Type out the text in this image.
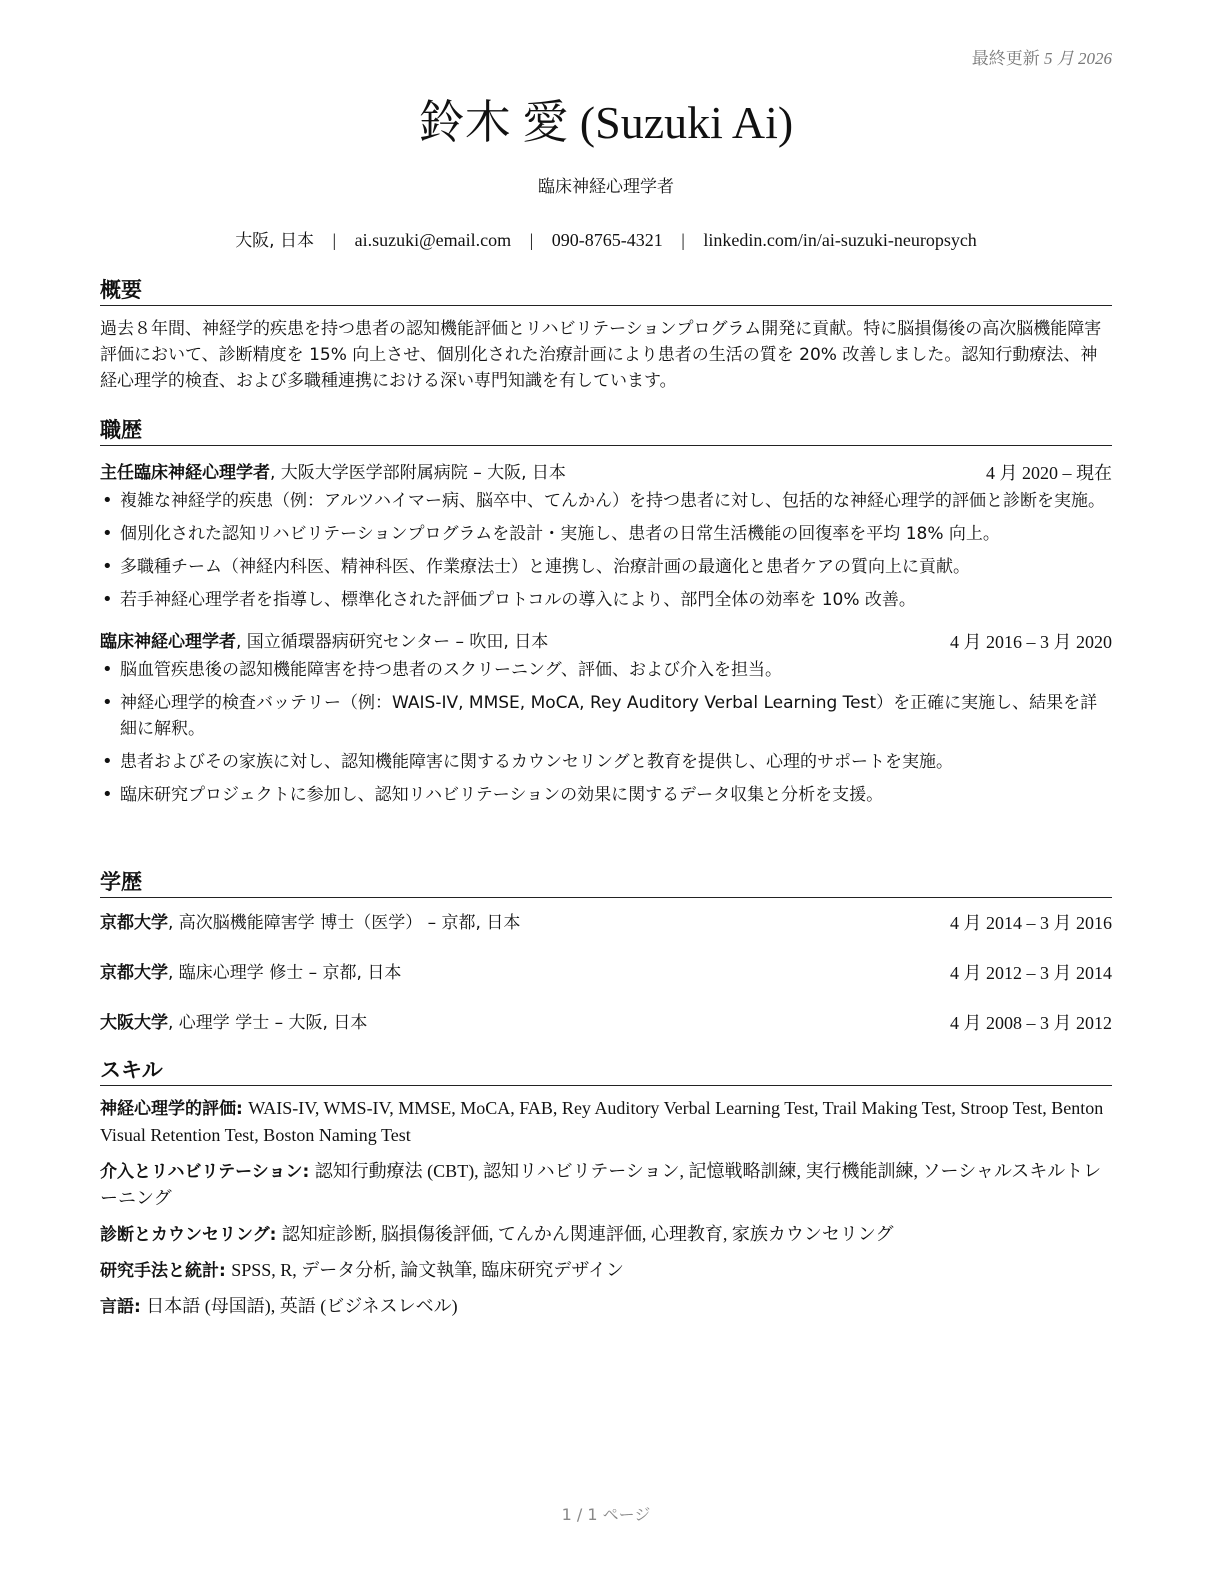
最終更新 5 月 2026
鈴木 愛 (Suzuki Ai)
臨床神経心理学者
大阪, 日本 | ai.suzuki@email.com | 090-8765-4321 | linkedin.com/in/ai-suzuki-neuropsych
概要
過去８年間、神経学的疾患を持つ患者の認知機能評価とリハビリテーションプログラム開発に貢献。特に脳損傷後の高次脳機能障害評価において、診断精度を 15% 向上させ、個別化された治療計画により患者の生活の質を 20% 改善しました。認知行動療法、神経心理学的検査、および多職種連携における深い専門知識を有しています。
職歴
主任臨床神経心理学者, 大阪大学医学部附属病院 – 大阪, 日本	4 月 2020 – 現在
• 複雑な神経学的疾患（例：アルツハイマー病、脳卒中、てんかん）を持つ患者に対し、包括的な神経心理学的評価と診断を実施。
• 個別化された認知リハビリテーションプログラムを設計・実施し、患者の日常生活機能の回復率を平均 18% 向上。
• 多職種チーム（神経内科医、精神科医、作業療法士）と連携し、治療計画の最適化と患者ケアの質向上に貢献。
• 若手神経心理学者を指導し、標準化された評価プロトコルの導入により、部門全体の効率を 10% 改善。
臨床神経心理学者, 国立循環器病研究センター – 吹田, 日本	4 月 2016 – 3 月 2020
• 脳血管疾患後の認知機能障害を持つ患者のスクリーニング、評価、および介入を担当。
• 神経心理学的検査バッテリー（例：WAIS-IV, MMSE, MoCA, Rey Auditory Verbal Learning Test）を正確に実施し、結果を詳細に解釈。
• 患者およびその家族に対し、認知機能障害に関するカウンセリングと教育を提供し、心理的サポートを実施。
• 臨床研究プロジェクトに参加し、認知リハビリテーションの効果に関するデータ収集と分析を支援。
学歴
京都大学, 高次脳機能障害学 博士（医学） – 京都, 日本	4 月 2014 – 3 月 2016
京都大学, 臨床心理学 修士 – 京都, 日本	4 月 2012 – 3 月 2014
大阪大学, 心理学 学士 – 大阪, 日本	4 月 2008 – 3 月 2012
スキル
神経心理学的評価: WAIS-IV, WMS-IV, MMSE, MoCA, FAB, Rey Auditory Verbal Learning Test, Trail Making Test, Stroop Test, Benton Visual Retention Test, Boston Naming Test
介入とリハビリテーション: 認知行動療法 (CBT), 認知リハビリテーション, 記憶戦略訓練, 実行機能訓練, ソーシャルスキルトレーニング
診断とカウンセリング: 認知症診断, 脳損傷後評価, てんかん関連評価, 心理教育, 家族カウンセリング
研究手法と統計: SPSS, R, データ分析, 論文執筆, 臨床研究デザイン
言語: 日本語 (母国語), 英語 (ビジネスレベル)
1 / 1 ページ
